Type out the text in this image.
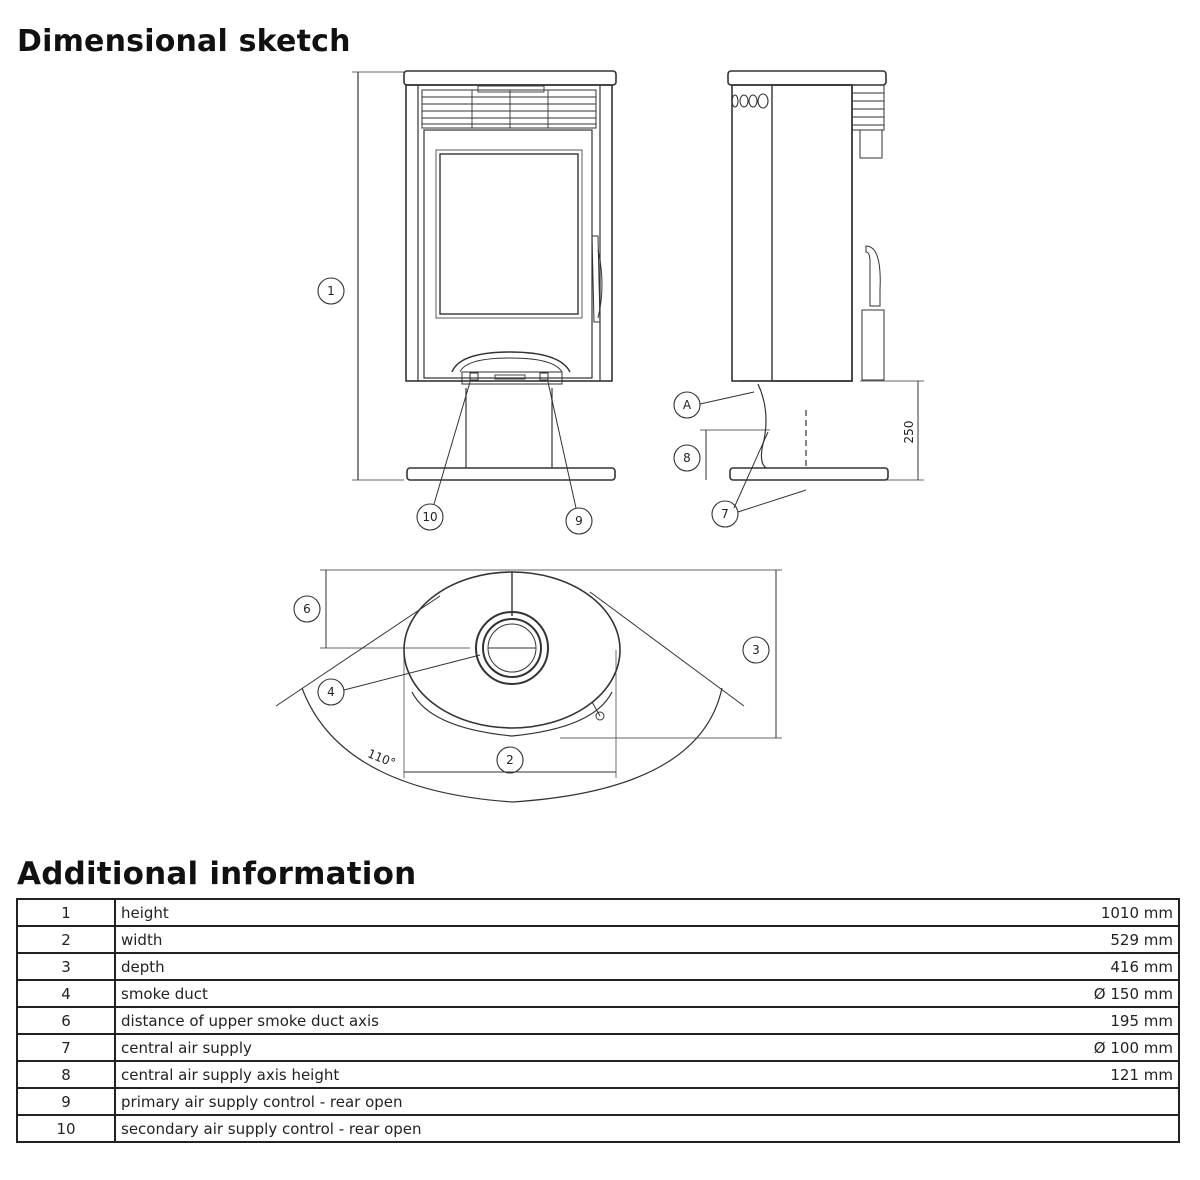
Dimensional sketch
1
10	9
A
8
7
6
4
3
2
250
110°
Additional information
1	height	1010 mm
2	width	529 mm
3	depth	416 mm
4	smoke duct	Ø 150 mm
6	distance of upper smoke duct axis	195 mm
7	central air supply	Ø 100 mm
8	central air supply axis height	121 mm
9	primary air supply control - rear open	
10	secondary air supply control - rear open	
